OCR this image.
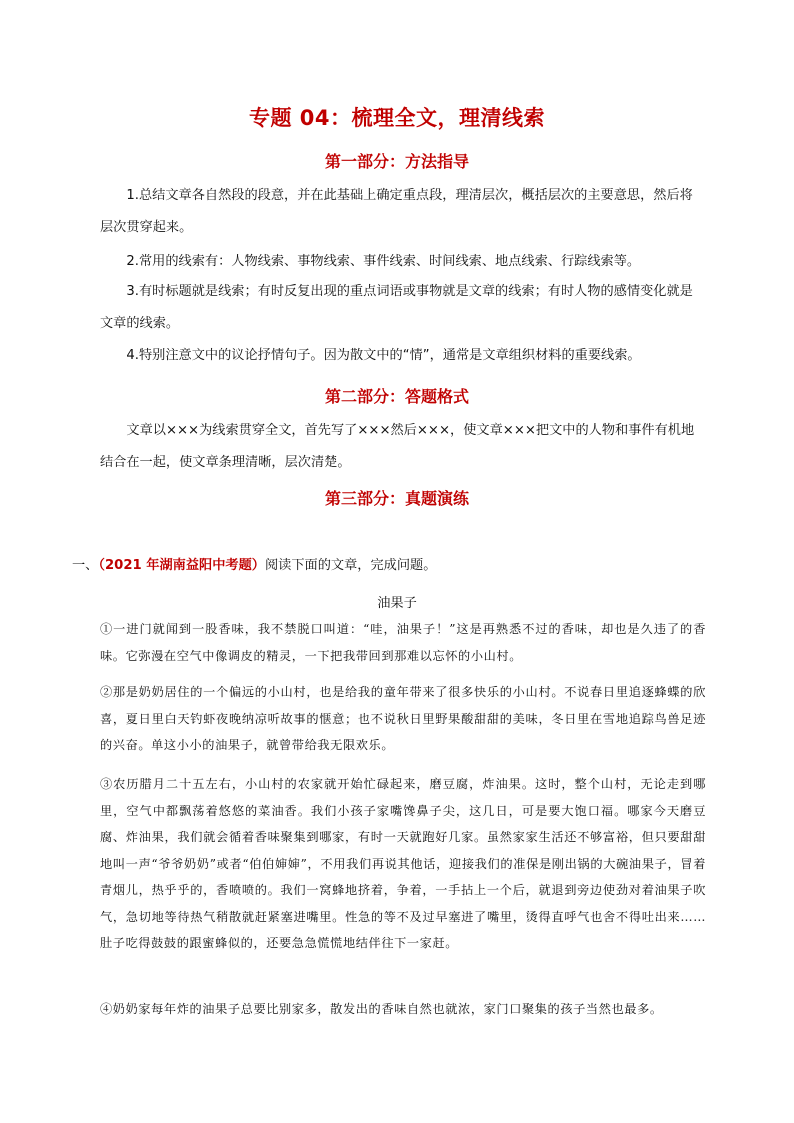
专题 04：梳理全文，理清线索
第一部分：方法指导

1.总结文章各自然段的段意，并在此基础上确定重点段，理清层次，概括层次的主要意思，然后将层次贯穿起来。

2.常用的线索有：人物线索、事物线索、事件线索、时间线索、地点线索、行踪线索等。

3.有时标题就是线索；有时反复出现的重点词语或事物就是文章的线索；有时人物的感情变化就是文章的线索。

4.特别注意文中的议论抒情句子。因为散文中的“情”，通常是文章组织材料的重要线索。

第二部分：答题格式

文章以×××为线索贯穿全文，首先写了×××然后×××，使文章×××把文中的人物和事件有机地结合在一起，使文章条理清晰，层次清楚。

第三部分：真题演练
一、（2021 年湖南益阳中考题）阅读下面的文章，完成问题。
油果子

①一进门就闻到一股香味，我不禁脱口叫道：“哇，油果子！”这是再熟悉不过的香味，却也是久违了的香味。它弥漫在空气中像调皮的精灵，一下把我带回到那难以忘怀的小山村。

②那是奶奶居住的一个偏远的小山村，也是给我的童年带来了很多快乐的小山村。不说春日里追逐蜂蝶的欣喜，夏日里白天钓虾夜晚纳凉听故事的惬意；也不说秋日里野果酸甜甜的美味，冬日里在雪地追踪鸟兽足迹的兴奋。单这小小的油果子，就曾带给我无限欢乐。

③农历腊月二十五左右，小山村的农家就开始忙碌起来，磨豆腐，炸油果。这时，整个山村，无论走到哪里，空气中都飘荡着悠悠的菜油香。我们小孩子家嘴馋鼻子尖，这几日，可是要大饱口福。哪家今天磨豆腐、炸油果，我们就会循着香味聚集到哪家，有时一天就跑好几家。虽然家家生活还不够富裕，但只要甜甜地叫一声“爷爷奶奶”或者“伯伯婶婶”，不用我们再说其他话，迎接我们的准保是刚出锅的大碗油果子，冒着青烟儿，热乎乎的，香喷喷的。我们一窝蜂地挤着，争着，一手拈上一个后，就退到旁边使劲对着油果子吹气，急切地等待热气稍散就赶紧塞进嘴里。性急的等不及过早塞进了嘴里，烫得直呼气也舍不得吐出来……肚子吃得鼓鼓的跟蜜蜂似的，还要急急慌慌地结伴往下一家赶。

④奶奶家每年炸的油果子总要比别家多，散发出的香味自然也就浓，家门口聚集的孩子当然也最多。
